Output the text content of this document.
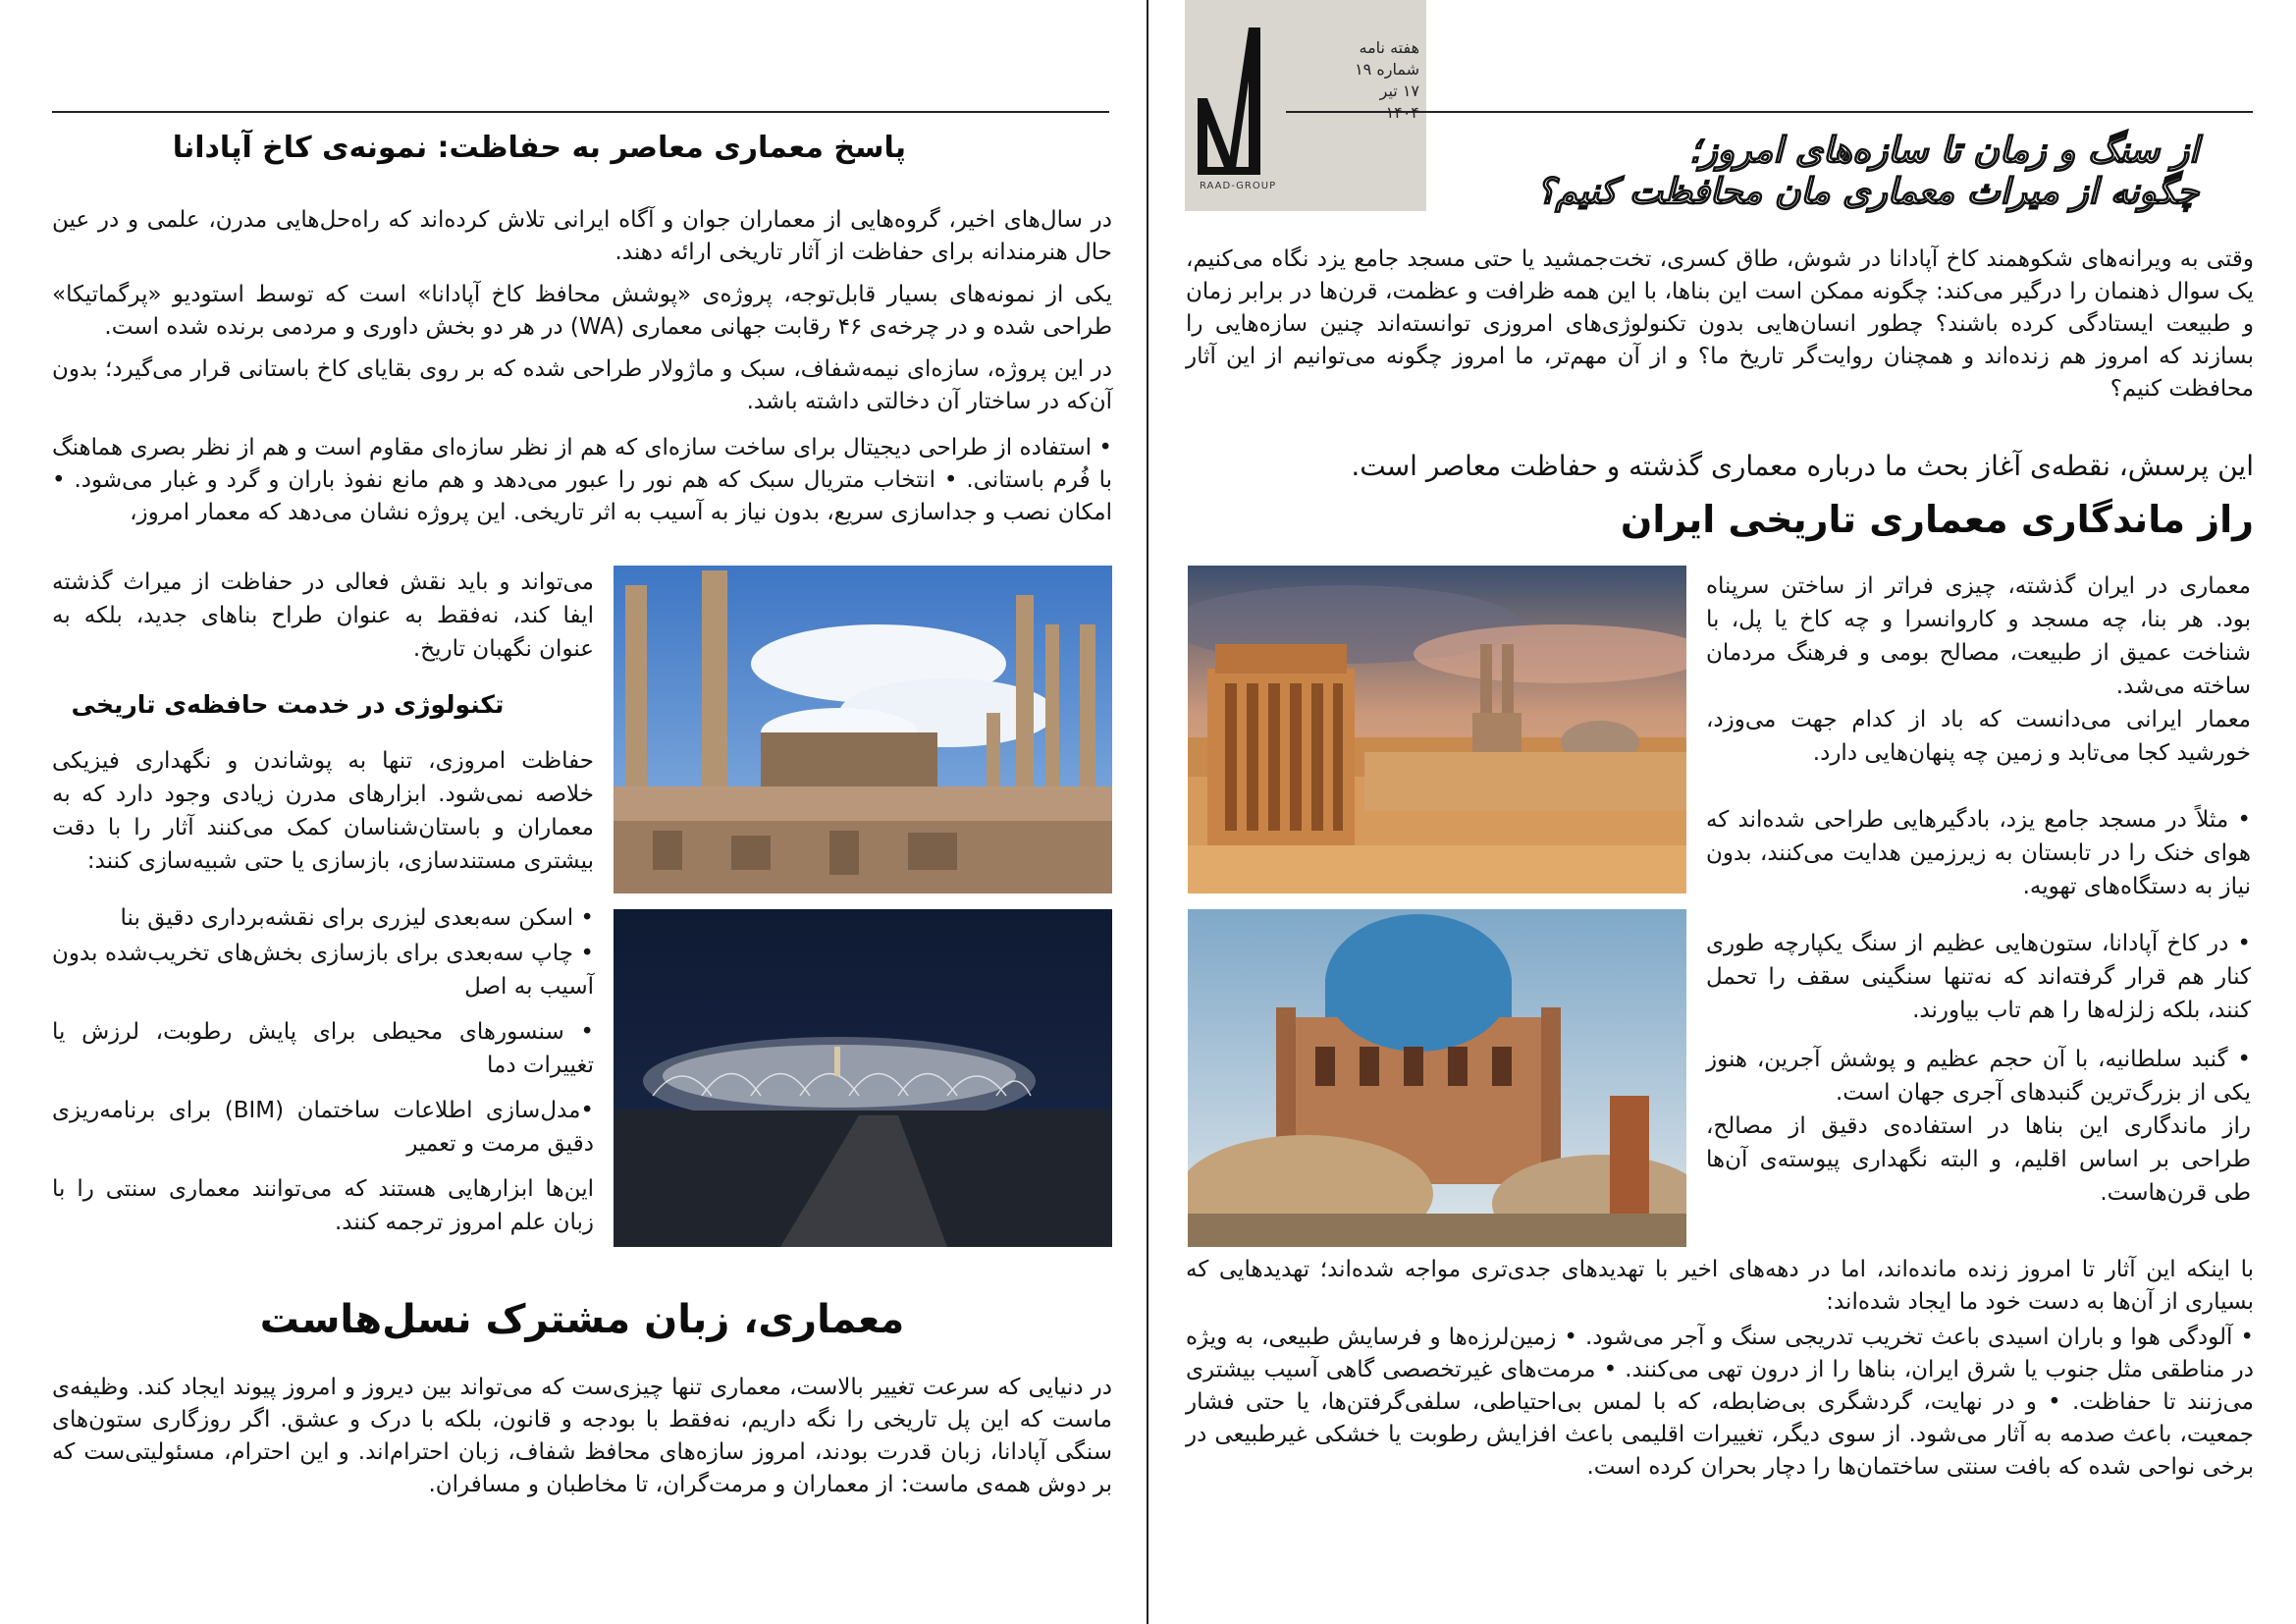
RAAD-GROUP
هفته نامه
شماره ۱۹
۱۷ تیر
از سنگ و زمان تا سازه‌های امروز؛
چگونه از میراث معماری مان محافظت کنیم؟
وقتی به ویرانه‌های شکوهمند کاخ آپادانا در شوش، طاق کسری، تخت‌جمشید یا حتی مسجد جامع یزد نگاه می‌کنیم، یک سوال ذهنمان را درگیر می‌کند: چگونه ممکن است این بناها، با این همه ظرافت و عظمت، قرن‌ها در برابر زمان و طبیعت ایستادگی کرده باشند؟ چطور انسان‌هایی بدون تکنولوژی‌های امروزی توانسته‌اند چنین سازه‌هایی را بسازند که امروز هم زنده‌اند و همچنان روایت‌گر تاریخ ما؟ و از آن مهم‌تر، ما امروز چگونه می‌توانیم از این آثار محافظت کنیم؟
این پرسش، نقطه‌ی آغاز بحث ما درباره معماری گذشته و حفاظت معاصر است.
راز ماندگاری معماری تاریخی ایران
معماری در ایران گذشته، چیزی فراتر از ساختن سرپناه بود. هر بنا، چه مسجد و کاروانسرا و چه کاخ یا پل، با شناخت عمیق از طبیعت، مصالح بومی و فرهنگ مردمان ساخته می‌شد.
معمار ایرانی می‌دانست که باد از کدام جهت می‌وزد، خورشید کجا می‌تابد و زمین چه پنهان‌هایی دارد.
• مثلاً در مسجد جامع یزد، بادگیرهایی طراحی شده‌اند که هوای خنک را در تابستان به زیرزمین هدایت می‌کنند، بدون نیاز به دستگاه‌های تهویه.
• در کاخ آپادانا، ستون‌هایی عظیم از سنگ یکپارچه طوری کنار هم قرار گرفته‌اند که نه‌تنها سنگینی سقف را تحمل کنند، بلکه زلزله‌ها را هم تاب بیاورند.
• گنبد سلطانیه، با آن حجم عظیم و پوشش آجرین، هنوز یکی از بزرگ‌ترین گنبدهای آجری جهان است.
راز ماندگاری این بناها در استفاده‌ی دقیق از مصالح، طراحی بر اساس اقلیم، و البته نگهداری پیوسته‌ی آن‌ها طی قرن‌هاست.
با اینکه این آثار تا امروز زنده مانده‌اند، اما در دهه‌های اخیر با تهدیدهای جدی‌تری مواجه شده‌اند؛ تهدیدهایی که بسیاری از آن‌ها به دست خود ما ایجاد شده‌اند:
• آلودگی هوا و باران اسیدی باعث تخریب تدریجی سنگ و آجر می‌شود. • زمین‌لرزه‌ها و فرسایش طبیعی، به ویژه در مناطقی مثل جنوب یا شرق ایران، بناها را از درون تهی می‌کنند. • مرمت‌های غیرتخصصی گاهی آسیب بیشتری می‌زنند تا حفاظت. • و در نهایت، گردشگری بی‌ضابطه، که با لمس بی‌احتیاطی، سلفی‌گرفتن‌ها، یا حتی فشار جمعیت، باعث صدمه به آثار می‌شود. از سوی دیگر، تغییرات اقلیمی باعث افزایش رطوبت یا خشکی غیرطبیعی در برخی نواحی شده که بافت سنتی ساختمان‌ها را دچار بحران کرده است.
پاسخ معماری معاصر به حفاظت: نمونه‌ی کاخ آپادانا
در سال‌های اخیر، گروه‌هایی از معماران جوان و آگاه ایرانی تلاش کرده‌اند که راه‌حل‌هایی مدرن، علمی و در عین حال هنرمندانه برای حفاظت از آثار تاریخی ارائه دهند.
یکی از نمونه‌های بسیار قابل‌توجه، پروژه‌ی «پوشش محافظ کاخ آپادانا» است که توسط استودیو «پرگماتیکا» طراحی شده و در چرخه‌ی ۴۶ رقابت جهانی معماری (WA) در هر دو بخش داوری و مردمی برنده شده است.
در این پروژه، سازه‌ای نیمه‌شفاف، سبک و ماژولار طراحی شده که بر روی بقایای کاخ باستانی قرار می‌گیرد؛ بدون آن‌که در ساختار آن دخالتی داشته باشد.
• استفاده از طراحی دیجیتال برای ساخت سازه‌ای که هم از نظر سازه‌ای مقاوم است و هم از نظر بصری هماهنگ با فُرم باستانی. • انتخاب متریال سبک که هم نور را عبور می‌دهد و هم مانع نفوذ باران و گرد و غبار می‌شود. • امکان نصب و جداسازی سریع، بدون نیاز به آسیب به اثر تاریخی. این پروژه نشان می‌دهد که معمار امروز،
می‌تواند و باید نقش فعالی در حفاظت از میراث گذشته ایفا کند، نه‌فقط به عنوان طراح بناهای جدید، بلکه به عنوان نگهبان تاریخ.
تکنولوژی در خدمت حافظه‌ی تاریخی
حفاظت امروزی، تنها به پوشاندن و نگهداری فیزیکی خلاصه نمی‌شود. ابزارهای مدرن زیادی وجود دارد که به معماران و باستان‌شناسان کمک می‌کنند آثار را با دقت بیشتری مستندسازی، بازسازی یا حتی شبیه‌سازی کنند:
• اسکن سه‌بعدی لیزری برای نقشه‌برداری دقیق بنا
• چاپ سه‌بعدی برای بازسازی بخش‌های تخریب‌شده بدون آسیب به اصل
• سنسورهای محیطی برای پایش رطوبت، لرزش یا تغییرات دما
•مدل‌سازی اطلاعات ساختمان (BIM) برای برنامه‌ریزی دقیق مرمت و تعمیر
این‌ها ابزارهایی هستند که می‌توانند معماری سنتی را با زبان علم امروز ترجمه کنند.
معماری، زبان مشترک نسل‌هاست
در دنیایی که سرعت تغییر بالاست، معماری تنها چیزی‌ست که می‌تواند بین دیروز و امروز پیوند ایجاد کند. وظیفه‌ی ماست که این پل تاریخی را نگه داریم، نه‌فقط با بودجه و قانون، بلکه با درک و عشق. اگر روزگاری ستون‌های سنگی آپادانا، زبان قدرت بودند، امروز سازه‌های محافظ شفاف، زبان احترام‌اند. و این احترام، مسئولیتی‌ست که بر دوش همه‌ی ماست: از معماران و مرمت‌گران، تا مخاطبان و مسافران.
